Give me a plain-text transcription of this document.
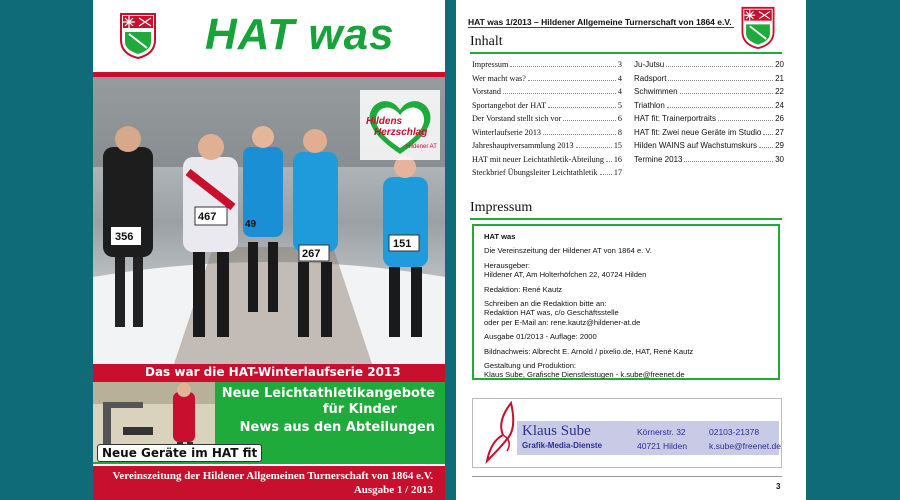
HAT was
356
467
267
151
49
Hildens
Herzschlag
Hildener AT
Das war die HAT-Winterlaufserie 2013
Neue Leichtathletikangebote
für Kinder
News aus den Abteilungen
Neue Geräte im HAT fit
Vereinszeitung der Hildener Allgemeinen Turnerschaft von 1864 e.V.
Ausgabe 1 / 2013
HAT was 1/2013 – Hildener Allgemeine Turnerschaft von 1864 e.V.
Inhalt
Impressum	3
Wer macht was?	4
Vorstand	4
Sportangebot der HAT	5
Der Vorstand stellt sich vor	6
Winterlaufserie 2013	8
Jahreshauptversammlung 2013	15
HAT mit neuer Leichtathletik-Abteilung 16
Steckbrief Übungsleiter Leichtathletik 17
Ju-Jutsu	20
Radsport	21
Schwimmen	22
Triathlon	24
HAT fit: Trainerportraits	26
HAT fit: Zwei neue Geräte im Studio 27
Hilden WAINS auf Wachstumskurs 29
Termine 2013	30
Impressum
HAT was
Die Vereinszeitung der Hildener AT von 1864 e. V.
Herausgeber:
Hildener AT, Am Holterhöfchen 22, 40724 Hilden
Redaktion: René Kautz
Schreiben an die Redaktion bitte an:
Redaktion HAT was, c/o Geschäftsstelle
oder per E-Mail an: rene.kautz@hildener-at.de
Ausgabe 01/2013 - Auflage: 2000
Bildnachweis: Albrecht E. Arnold / pixelio.de, HAT, René Kautz
Gestaltung und Produktion:
Klaus Sube, Grafische Dienstleistugen - k.sube@freenet.de
Klaus Sube
Grafik-Media-Dienste
Körnerstr. 32
40721 Hilden
02103-21378
k.sube@freenet.de
3
